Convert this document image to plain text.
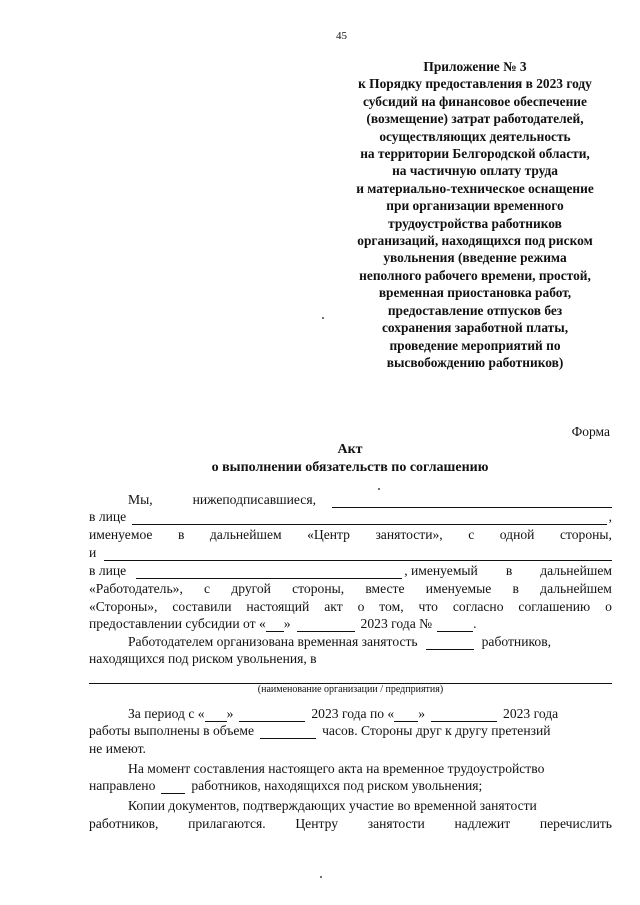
45
Приложение № 3
к Порядку предоставления в 2023 году
субсидий на финансовое обеспечение
(возмещение) затрат работодателей,
осуществляющих деятельность
на территории Белгородской области,
на частичную оплату труда
и материально-техническое оснащение
при организации временного
трудоустройства работников
организаций, находящихся под риском
увольнения (введение режима
неполного рабочего времени, простой,
временная приостановка работ,
предоставление отпусков без
сохранения заработной платы,
проведение мероприятий по
высвобождению работников)
Форма
Акт
о выполнении обязательств по соглашению
Мы,	нижеподписавшиеся,
в лице	,
именуемое в дальнейшем «Центр занятости», с одной стороны,
и
в лице	, именуемый в дальнейшем
«Работодатель», с другой стороны, вместе именуемые в дальнейшем
«Стороны», составили настоящий акт о том, что согласно соглашению о
предоставлении субсидии от « »	2023 года №	.
Работодателем организована временная занятость	работников,
находящихся под риском увольнения, в
(наименование организации / предприятия)
За период с « »	2023 года по « »	2023 года
работы выполнены в объеме	часов. Стороны друг к другу претензий
не имеют.
На момент составления настоящего акта на временное трудоустройство
направлено	работников, находящихся под риском увольнения;
Копии документов, подтверждающих участие во временной занятости
работников, прилагаются. Центру занятости надлежит перечислить
